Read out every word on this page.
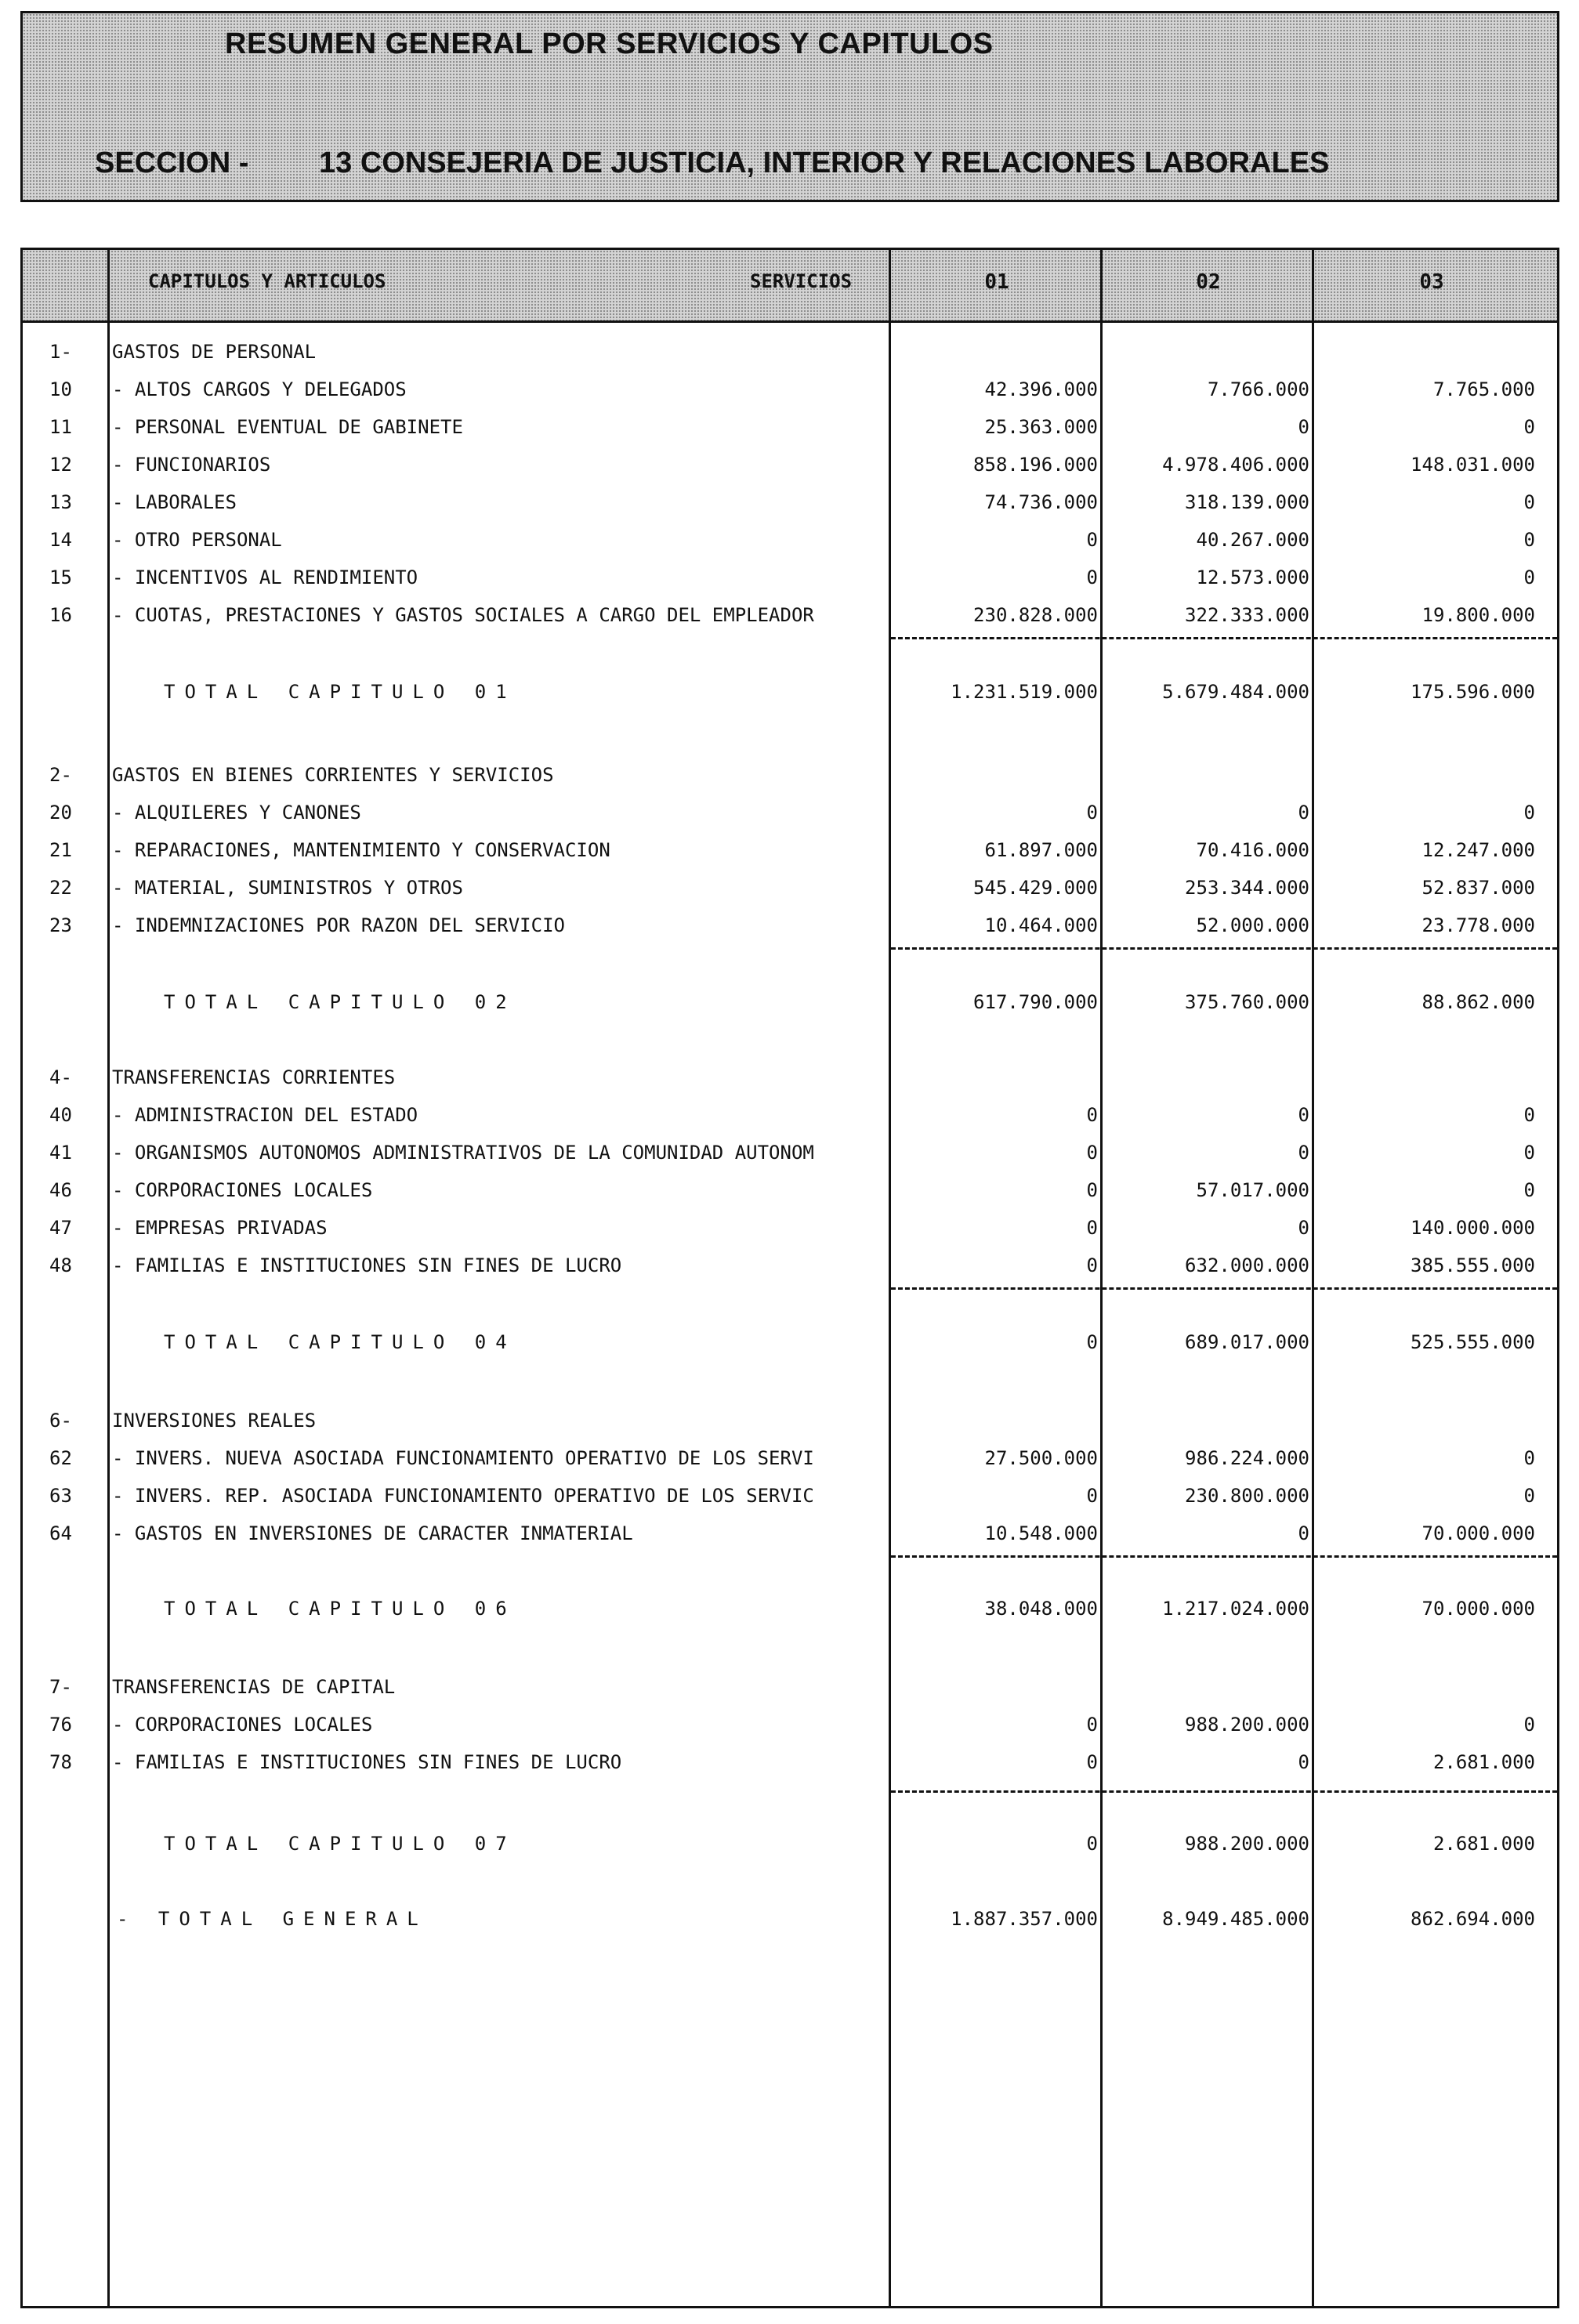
RESUMEN GENERAL POR SERVICIOS Y CAPITULOS
SECCION - 13 CONSEJERIA DE JUSTICIA, INTERIOR Y RELACIONES LABORALES
CAPITULOS Y ARTICULOS	SERVICIOS	01	02	03
1-	GASTOS DE PERSONAL
10	- ALTOS CARGOS Y DELEGADOS	42.396.000	7.766.000	7.765.000
11	- PERSONAL EVENTUAL DE GABINETE	25.363.000	0	0
12	- FUNCIONARIOS	858.196.000	4.978.406.000	148.031.000
13	- LABORALES	74.736.000	318.139.000	0
14	- OTRO PERSONAL	0	40.267.000	0
15	- INCENTIVOS AL RENDIMIENTO	0	12.573.000	0
16	- CUOTAS, PRESTACIONES Y GASTOS SOCIALES A CARGO DEL EMPLEADOR	230.828.000	322.333.000	19.800.000
TOTAL CAPITULO 01	1.231.519.000	5.679.484.000	175.596.000
2-	GASTOS EN BIENES CORRIENTES Y SERVICIOS
20	- ALQUILERES Y CANONES	0	0	0
21	- REPARACIONES, MANTENIMIENTO Y CONSERVACION	61.897.000	70.416.000	12.247.000
22	- MATERIAL, SUMINISTROS Y OTROS	545.429.000	253.344.000	52.837.000
23	- INDEMNIZACIONES POR RAZON DEL SERVICIO	10.464.000	52.000.000	23.778.000
TOTAL CAPITULO 02	617.790.000	375.760.000	88.862.000
4-	TRANSFERENCIAS CORRIENTES
40	- ADMINISTRACION DEL ESTADO	0	0	0
41	- ORGANISMOS AUTONOMOS ADMINISTRATIVOS DE LA COMUNIDAD AUTONOM	0	0	0
46	- CORPORACIONES LOCALES	0	57.017.000	0
47	- EMPRESAS PRIVADAS	0	0	140.000.000
48	- FAMILIAS E INSTITUCIONES SIN FINES DE LUCRO	0	632.000.000	385.555.000
TOTAL CAPITULO 04	0	689.017.000	525.555.000
6-	INVERSIONES REALES
62	- INVERS. NUEVA ASOCIADA FUNCIONAMIENTO OPERATIVO DE LOS SERVI	27.500.000	986.224.000	0
63	- INVERS. REP. ASOCIADA FUNCIONAMIENTO OPERATIVO DE LOS SERVIC	0	230.800.000	0
64	- GASTOS EN INVERSIONES DE CARACTER INMATERIAL	10.548.000	0	70.000.000
TOTAL CAPITULO 06	38.048.000	1.217.024.000	70.000.000
7-	TRANSFERENCIAS DE CAPITAL
76	- CORPORACIONES LOCALES	0	988.200.000	0
78	- FAMILIAS E INSTITUCIONES SIN FINES DE LUCRO	0	0	2.681.000
TOTAL CAPITULO 07	0	988.200.000	2.681.000
- TOTAL GENERAL	1.887.357.000	8.949.485.000	862.694.000
